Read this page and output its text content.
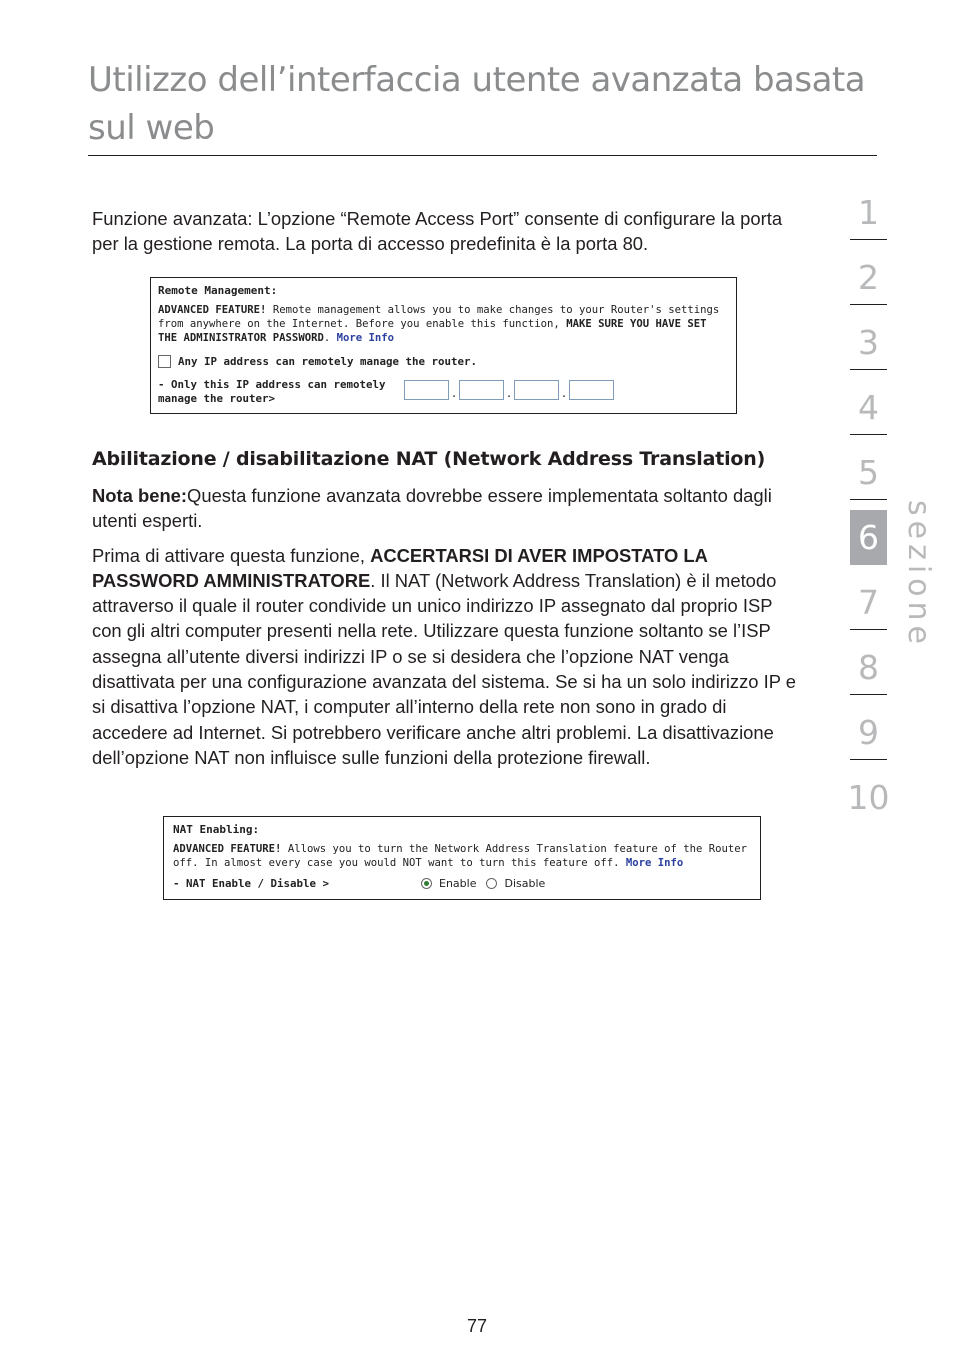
Utilizzo dell’interfaccia utente avanzata basata sul web

Funzione avanzata: L’opzione “Remote Access Port” consente di configurare la porta per la gestione remota. La porta di accesso predefinita è la porta 80.

Remote Management:
ADVANCED FEATURE! Remote management allows you to make changes to your Router's settings from anywhere on the Internet. Before you enable this function, MAKE SURE YOU HAVE SET THE ADMINISTRATOR PASSWORD. More Info
Any IP address can remotely manage the router.
- Only this IP address can remotely manage the router>	.	.	.
Abilitazione / disabilitazione NAT (Network Address Translation)

Nota bene:Questa funzione avanzata dovrebbe essere implementata soltanto dagli utenti esperti.

Prima di attivare questa funzione, ACCERTARSI DI AVER IMPOSTATO LA PASSWORD AMMINISTRATORE. Il NAT (Network Address Translation) è il metodo attraverso il quale il router condivide un unico indirizzo IP assegnato dal proprio ISP con gli altri computer presenti nella rete. Utilizzare questa funzione soltanto se l’ISP assegna all’utente diversi indirizzi IP o se si desidera che l’opzione NAT venga disattivata per una configurazione avanzata del sistema. Se si ha un solo indirizzo IP e si disattiva l’opzione NAT, i computer all’interno della rete non sono in grado di accedere ad Internet. Si potrebbero verificare anche altri problemi. La disattivazione dell’opzione NAT non influisce sulle funzioni della protezione firewall.

NAT Enabling:
ADVANCED FEATURE! Allows you to turn the Network Address Translation feature of the Router off. In almost every case you would NOT want to turn this feature off. More Info
- NAT Enable / Disable >	Enable	Disable
1
2
3
4
5
6
7
8
9
10
sezione
77
